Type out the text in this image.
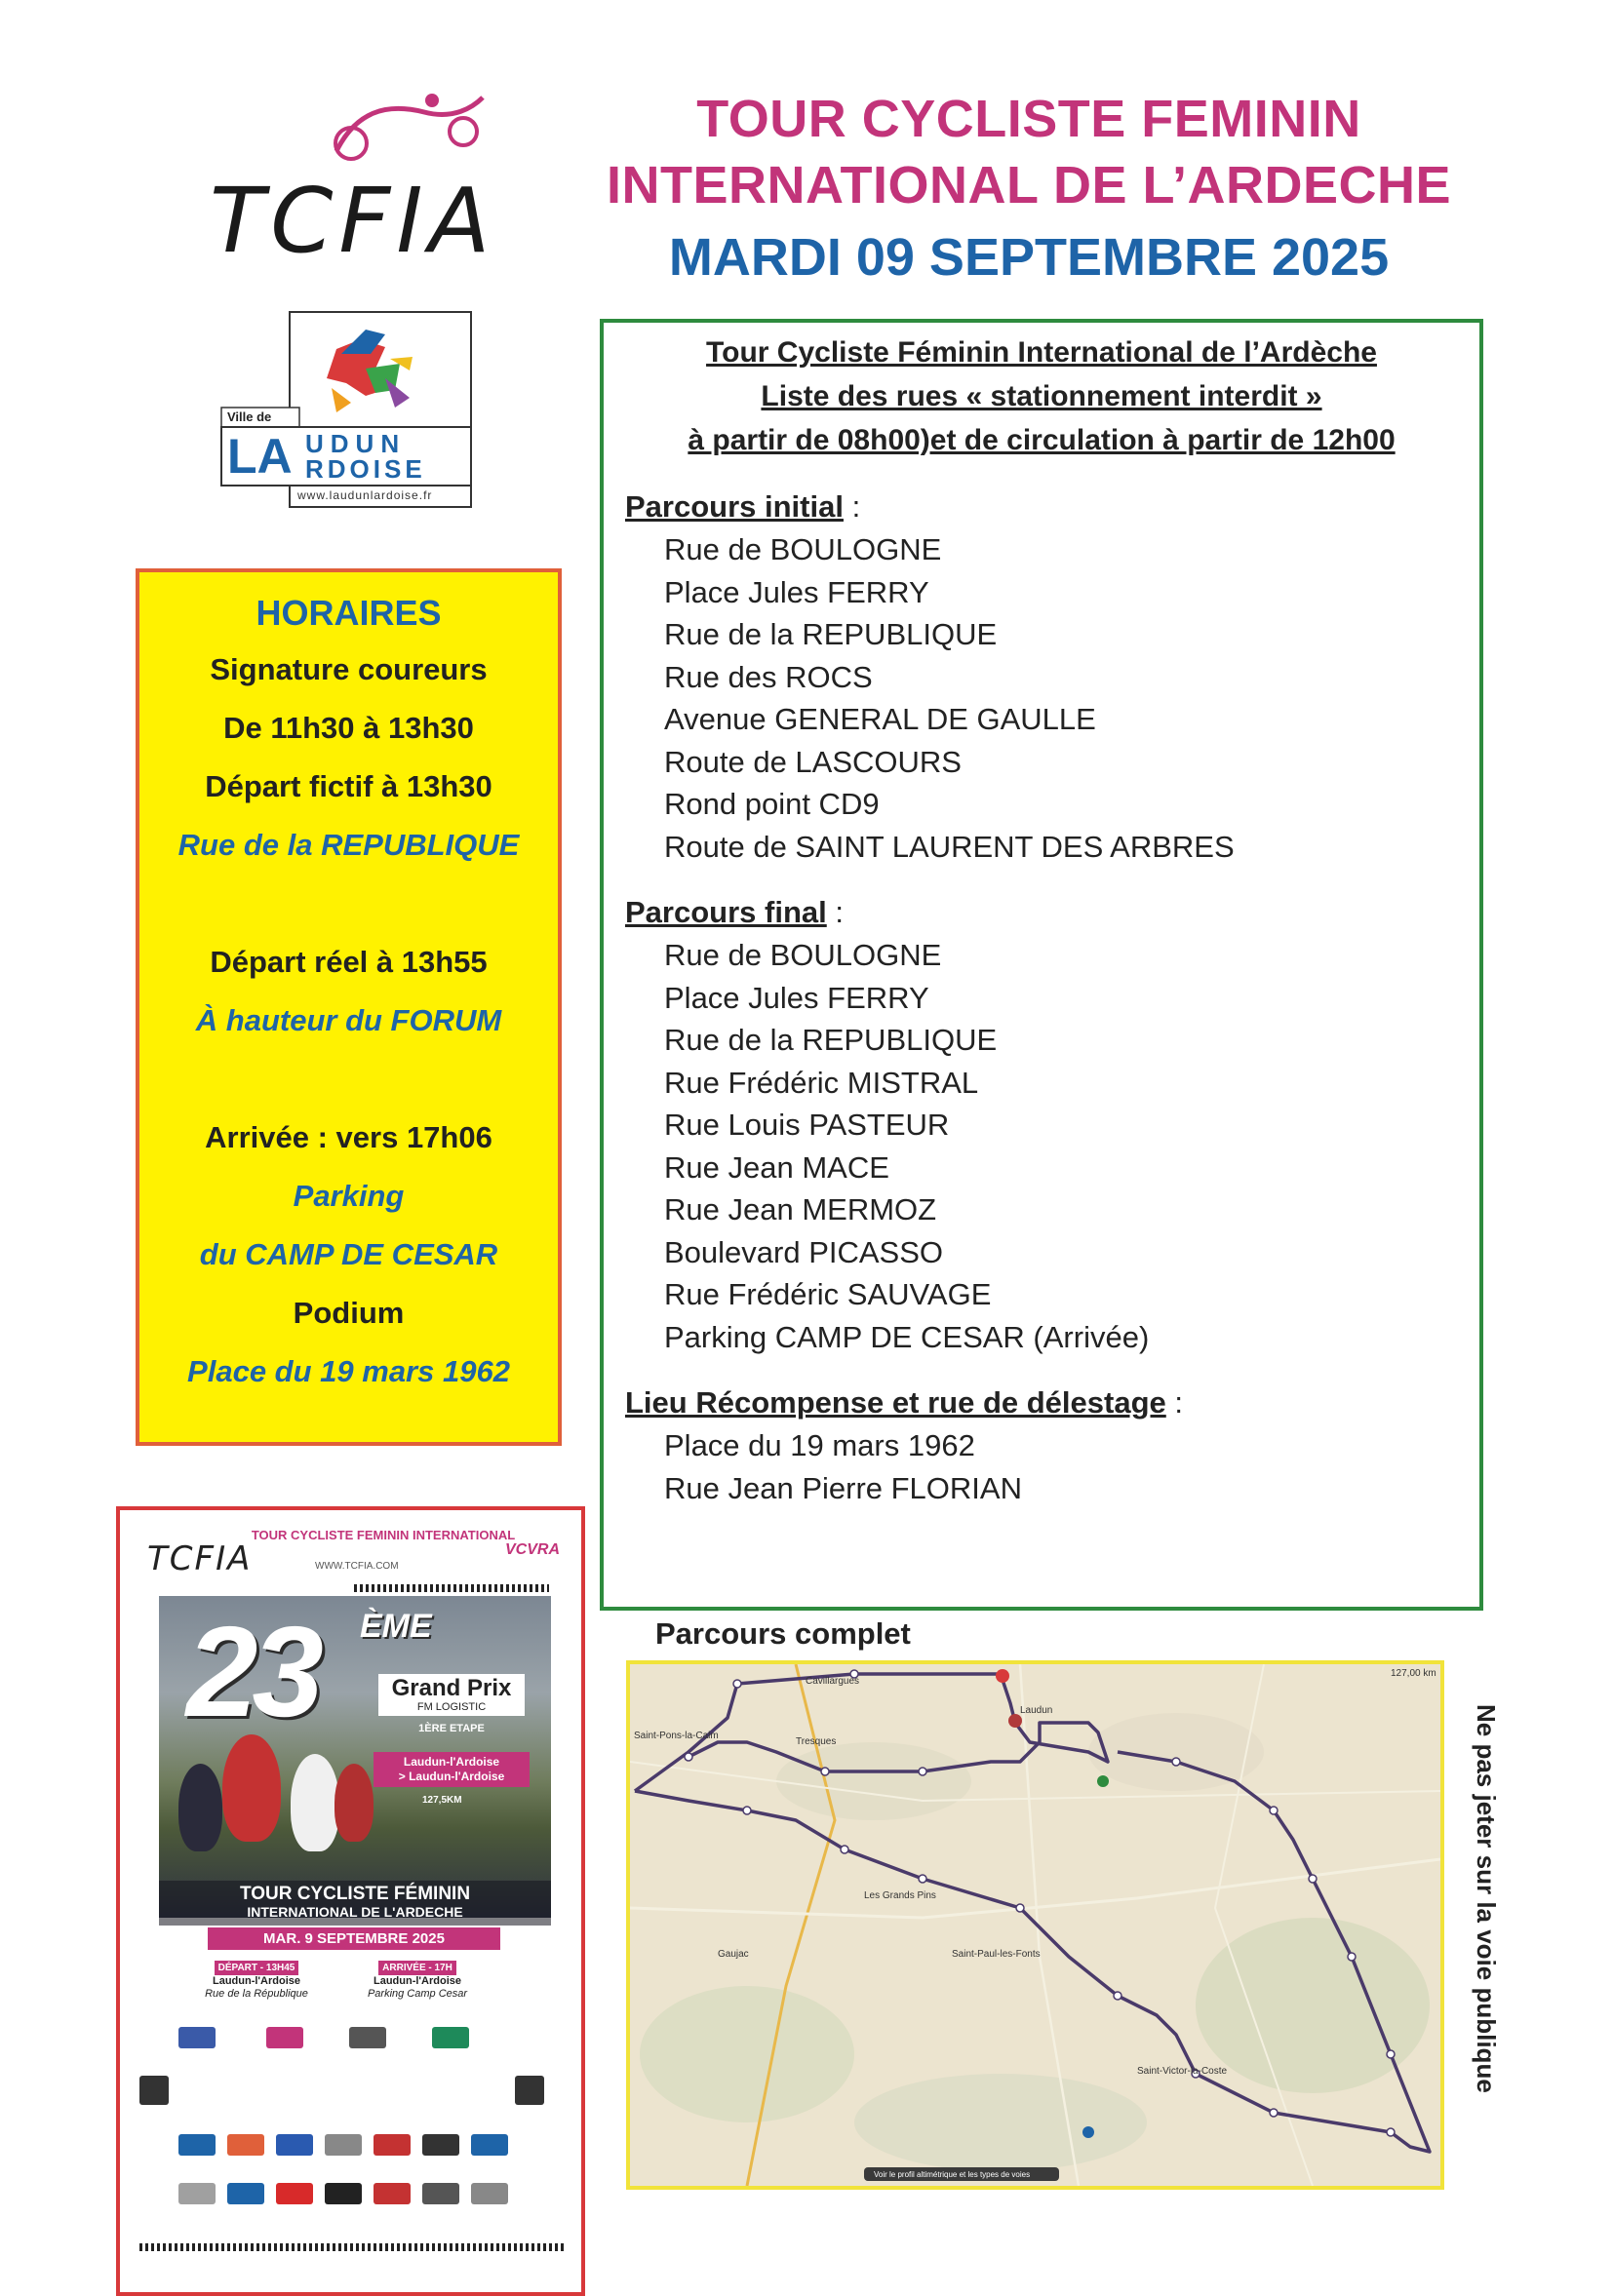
TCFIA
TOUR CYCLISTE FEMININ
INTERNATIONAL DE L’ARDECHE
MARDI 09 SEPTEMBRE 2025
Ville de
LA UDUN
RDOISE
www.laudunlardoise.fr
HORAIRES
Signature coureurs
De 11h30 à 13h30
Départ fictif à 13h30
Rue de la REPUBLIQUE
Départ réel à 13h55
À hauteur du FORUM
Arrivée : vers 17h06
Parking
du CAMP DE CESAR
Podium
Place du 19 mars 1962
Tour Cycliste Féminin International de l’Ardèche
Liste des rues « stationnement interdit »
à partir de 08h00)et de circulation à partir de 12h00
Parcours initial :
Rue de BOULOGNE
Place Jules FERRY
Rue de la REPUBLIQUE
Rue des ROCS
Avenue GENERAL DE GAULLE
Route de LASCOURS
Rond point CD9
Route de SAINT LAURENT DES ARBRES
Parcours final :
Rue de BOULOGNE
Place Jules FERRY
Rue de la REPUBLIQUE
Rue Frédéric MISTRAL
Rue Louis PASTEUR
Rue Jean MACE
Rue Jean MERMOZ
Boulevard PICASSO
Rue Frédéric SAUVAGE
Parking CAMP DE CESAR (Arrivée)
Lieu Récompense et rue de délestage :
Place du 19 mars 1962
Rue Jean Pierre FLORIAN
TOUR CYCLISTE FEMININ INTERNATIONAL
TCFIA	WWW.TCFIA.COM
VCVRA
23 ÈME
Grand Prix
FM LOGISTIC
1ÈRE ETAPE
Laudun-l'Ardoise
> Laudun-l'Ardoise
127,5KM
TOUR CYCLISTE FÉMININ
INTERNATIONAL DE L'ARDECHE
MAR. 9 SEPTEMBRE 2025
DÉPART - 13H45
Laudun-l'Ardoise
Rue de la République
ARRIVÉE - 17H
Laudun-l'Ardoise
Parking Camp Cesar
Parcours complet
Tresques
Saint-Pons-la-Calm
Laudun
Les Grands Pins
Saint-Paul-les-Fonts
Saint-Victor-la-Coste
Cavillargues
Gaujac
127,00 km
Voir le profil altimétrique et les types de voies
Ne pas jeter sur la voie publique
